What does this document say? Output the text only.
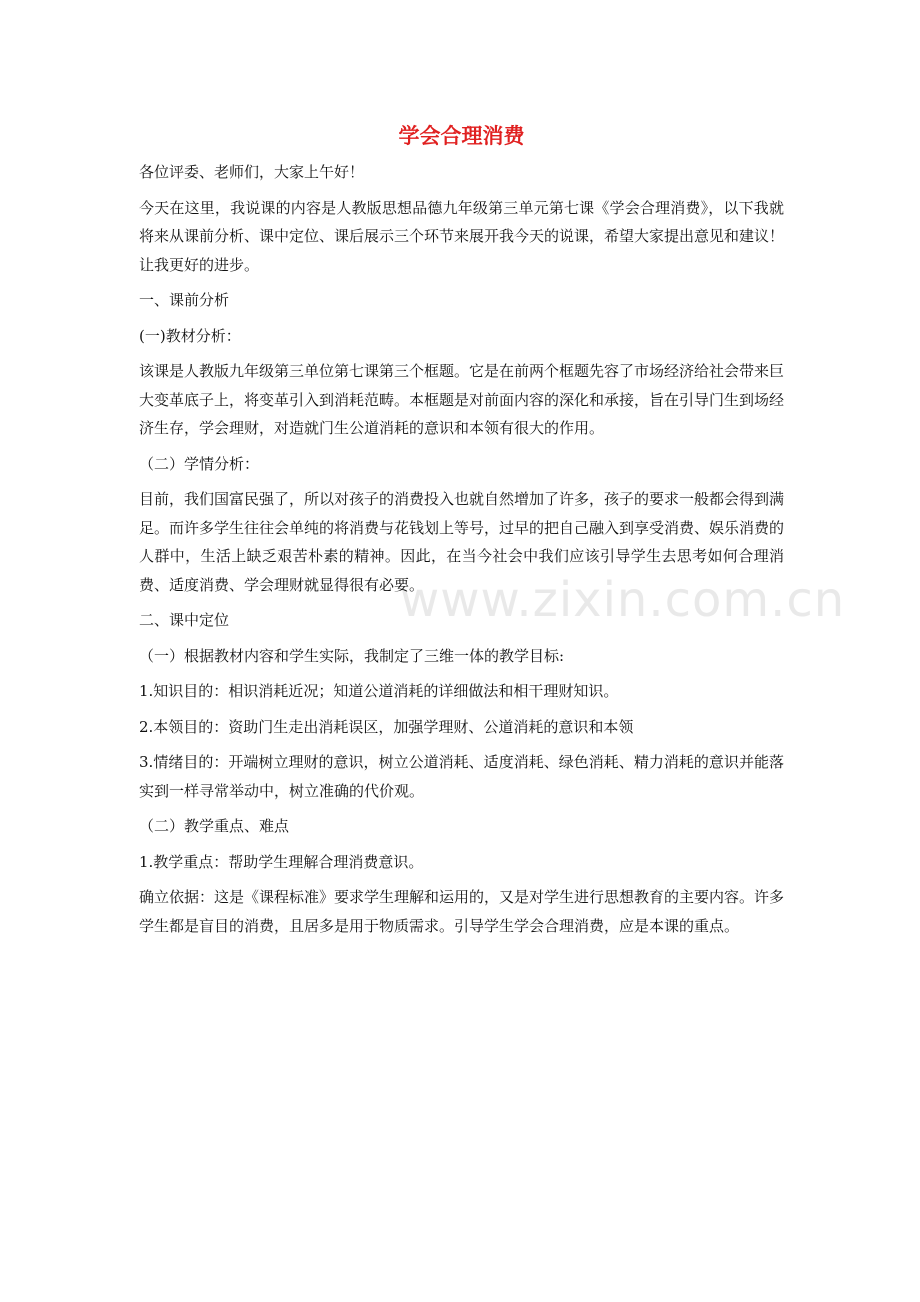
www.zixin.com.cn
学会合理消费

各位评委、老师们，大家上午好！

今天在这里，我说课的内容是人教版思想品德九年级第三单元第七课《学会合理消费》，以下我就将来从课前分析、课中定位、课后展示三个环节来展开我今天的说课，希望大家提出意见和建议！让我更好的进步。

一、课前分析

(一)教材分析：

该课是人教版九年级第三单位第七课第三个框题。它是在前两个框题先容了市场经济给社会带来巨大变革底子上，将变革引入到消耗范畴。本框题是对前面内容的深化和承接，旨在引导门生到场经济生存，学会理财，对造就门生公道消耗的意识和本领有很大的作用。

（二）学情分析：

目前，我们国富民强了，所以对孩子的消费投入也就自然增加了许多，孩子的要求一般都会得到满足。而许多学生往往会单纯的将消费与花钱划上等号，过早的把自己融入到享受消费、娱乐消费的人群中，生活上缺乏艰苦朴素的精神。因此，在当今社会中我们应该引导学生去思考如何合理消费、适度消费、学会理财就显得很有必要。

二、课中定位

（一）根据教材内容和学生实际，我制定了三维一体的教学目标:

1.知识目的：相识消耗近况；知道公道消耗的详细做法和相干理财知识。

2.本领目的：资助门生走出消耗误区，加强学理财、公道消耗的意识和本领

3.情绪目的：开端树立理财的意识，树立公道消耗、适度消耗、绿色消耗、精力消耗的意识并能落实到一样寻常举动中，树立准确的代价观。

（二）教学重点、难点

1.教学重点：帮助学生理解合理消费意识。

确立依据：这是《课程标准》要求学生理解和运用的，又是对学生进行思想教育的主要内容。许多学生都是盲目的消费，且居多是用于物质需求。引导学生学会合理消费，应是本课的重点。
